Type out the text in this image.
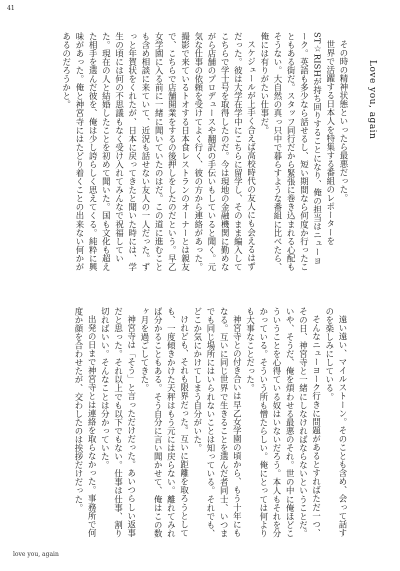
41
Love you, again

その時の精神状態といったら最悪だった。

世界で活躍する日本人を特集する番組のレポーターをST☆RISHが持ち回りすることになり、俺の担当はニューヨーク。英語も多少なら話せるし、短い期間なら何度か行ったこともある街だ。スタッフ同行だから緊張に巻き込まれる心配もそうない。大自然の真っ只中で暮らすような番組に比べたら、俺には有りがたい仕事だ。

スケジュールが上手く合えば高校時代の友人にも会えるはずだった。彼は大学在学中にこちらに留学し、そのまま編入してこちらで学士号を取得したのだ。今は現地の金融機関に勤めながら店舗のプロデュースや翻訳の手伝いもしていると聞く。元気な仕事の依頼を受けてよく行く、彼の方から連絡があった。撮影で来ているトオする日本食レストランのオーナーとは親友で、こちらで店舗開業をするの後押しをしたのだという。早乙女学園に入る前に一緒に聞いていたのはだ。この道に進むことも含め相談に来ていて、近況も話せない友人の一人だった。ずっと年賀状をくれたが、日本に戻ってきたと聞いた時には、学生の頃には何の不思議もなく受け入れてみんなで祝福していた。現在の人と結婚したことを初めて聞いた。国も文化も超えた相手を選んだ彼を、俺は少し誇らしく思えてくる。純粋に興味があった。俺と神宮寺にはたどり着くことの出来ない何かがあるのだろうかと。

遠い遠い、マイルストーン。そのことも含め、会って話すのを楽しみにしている。

そんなニューヨーク行きに問題があるとすればただ一つ、その日、神宮寺と一緒にしなければならないということだ。いや、そうだ、俺を煩わせる最悪のそれ。世の中に俺ほどこういうことを心得ている奴はいないだろう。本人もそれを分かっている。そういう所も憎たらしい。俺にとっては何よりも大事なことだった。

神宮寺との付き合いは早乙女学園の頃から、もう十年にもなる。互いに同じ世界で生きることを選んだ者同士、いつまでも同じ場所にはいられないことは知っている。それでも、どこか気にかけてしまう自分がいた。

けれども、それも限界だった。互いに距離を取ろうとしても、一度傾きかけた天秤はもう元には戻らない。離れてみれば分かることもある。そう自分に言い聞かせて、俺はこの数ヶ月を過ごしてきた。

神宮寺は「そう」と言っただけだった。あいつらしい返事だと思った。それ以上でも以下でもない。仕事は仕事、割り切ればいい。そんなことは分かっていた。

出発の日まで神宮寺とは連絡を取らなかった。事務所で何度か顔を合わせたが、交わしたのは挨拶だけだった。

love you, again
